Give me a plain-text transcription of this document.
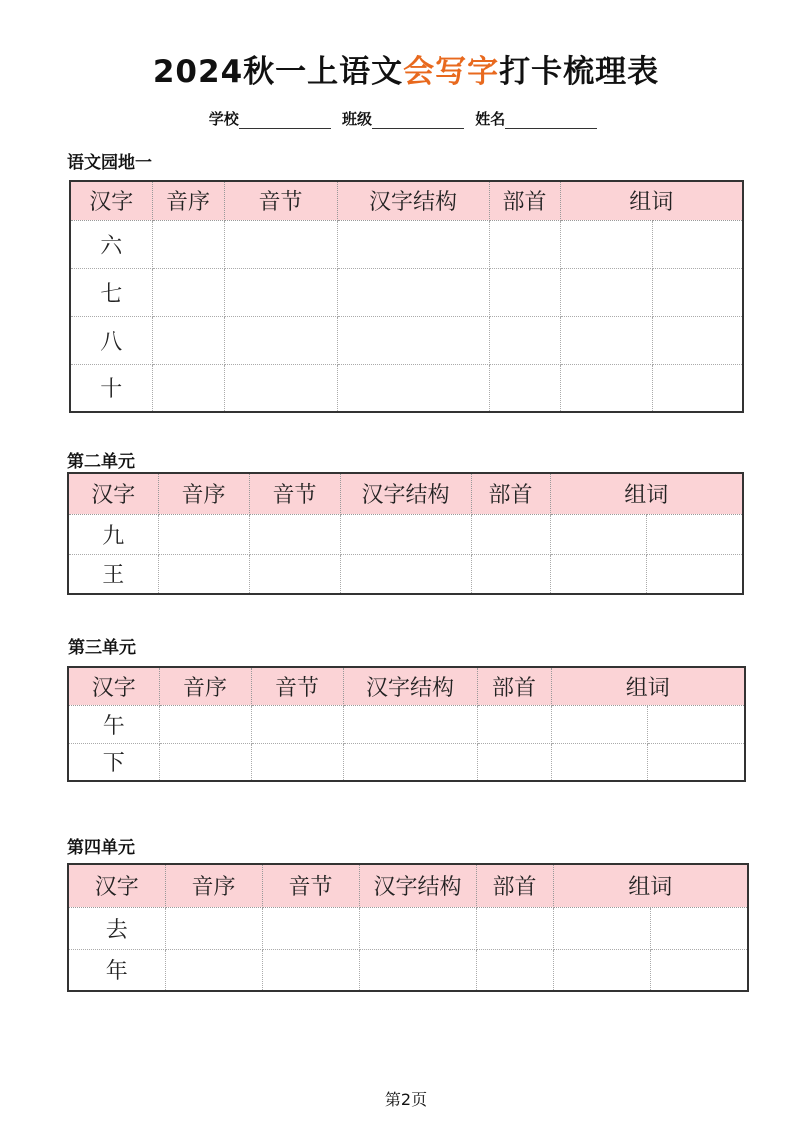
2024秋一上语文会写字打卡梳理表
学校	班级	姓名
语文园地一
汉字	音序	音节	汉字结构	部首	组词	
六						
七						
八						
十						
第二单元
汉字	音序	音节	汉字结构	部首	组词	
九						
王						
第三单元
汉字	音序	音节	汉字结构	部首	组词	
午						
下						
第四单元
汉字	音序	音节	汉字结构	部首	组词	
去						
年						
第2页
